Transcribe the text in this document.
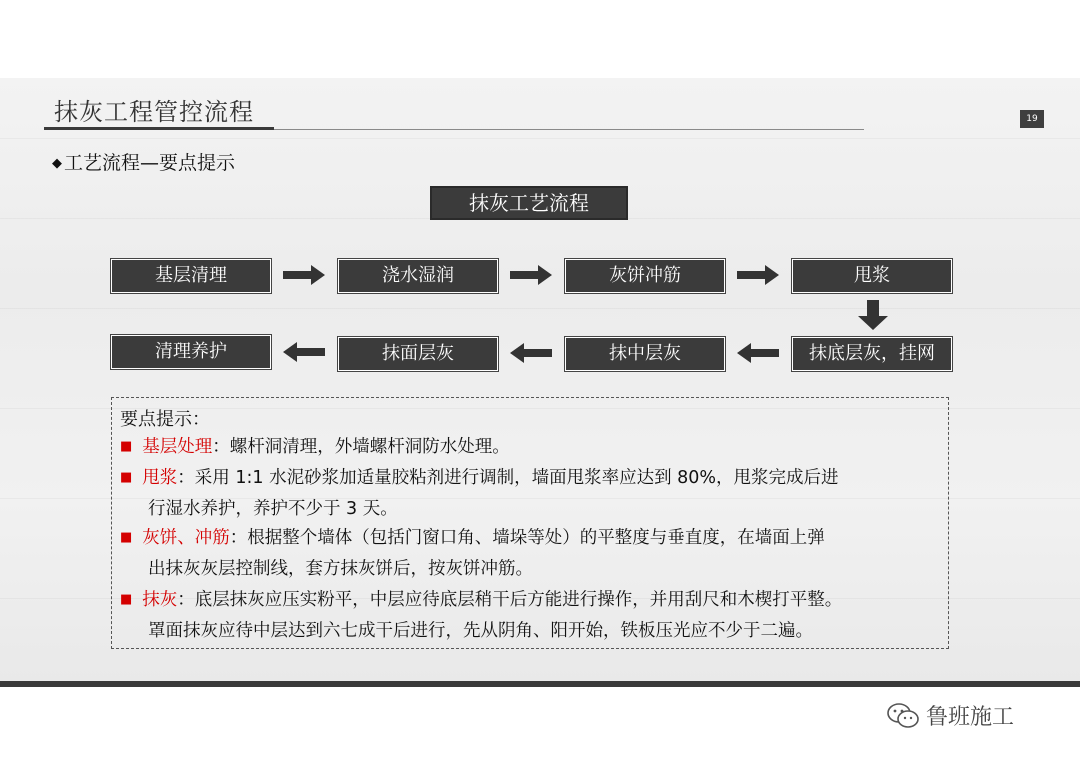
抹灰工程管控流程	19
◆ 工艺流程—要点提示
抹灰工艺流程
基层清理	浇水湿润	灰饼冲筋	甩浆
清理养护	抹面层灰	抹中层灰	抹底层灰，挂网
要点提示：
■ 基层处理：螺杆洞清理，外墙螺杆洞防水处理。
■ 甩浆：采用 1:1 水泥砂浆加适量胶粘剂进行调制，墙面甩浆率应达到 80%，甩浆完成后进
行湿水养护，养护不少于 3 天。
■ 灰饼、冲筋：根据整个墙体（包括门窗口角、墙垛等处）的平整度与垂直度，在墙面上弹
出抹灰灰层控制线，套方抹灰饼后，按灰饼冲筋。
■ 抹灰：底层抹灰应压实粉平，中层应待底层稍干后方能进行操作，并用刮尺和木楔打平整。
罩面抹灰应待中层达到六七成干后进行，先从阴角、阳开始，铁板压光应不少于二遍。
鲁班施工
